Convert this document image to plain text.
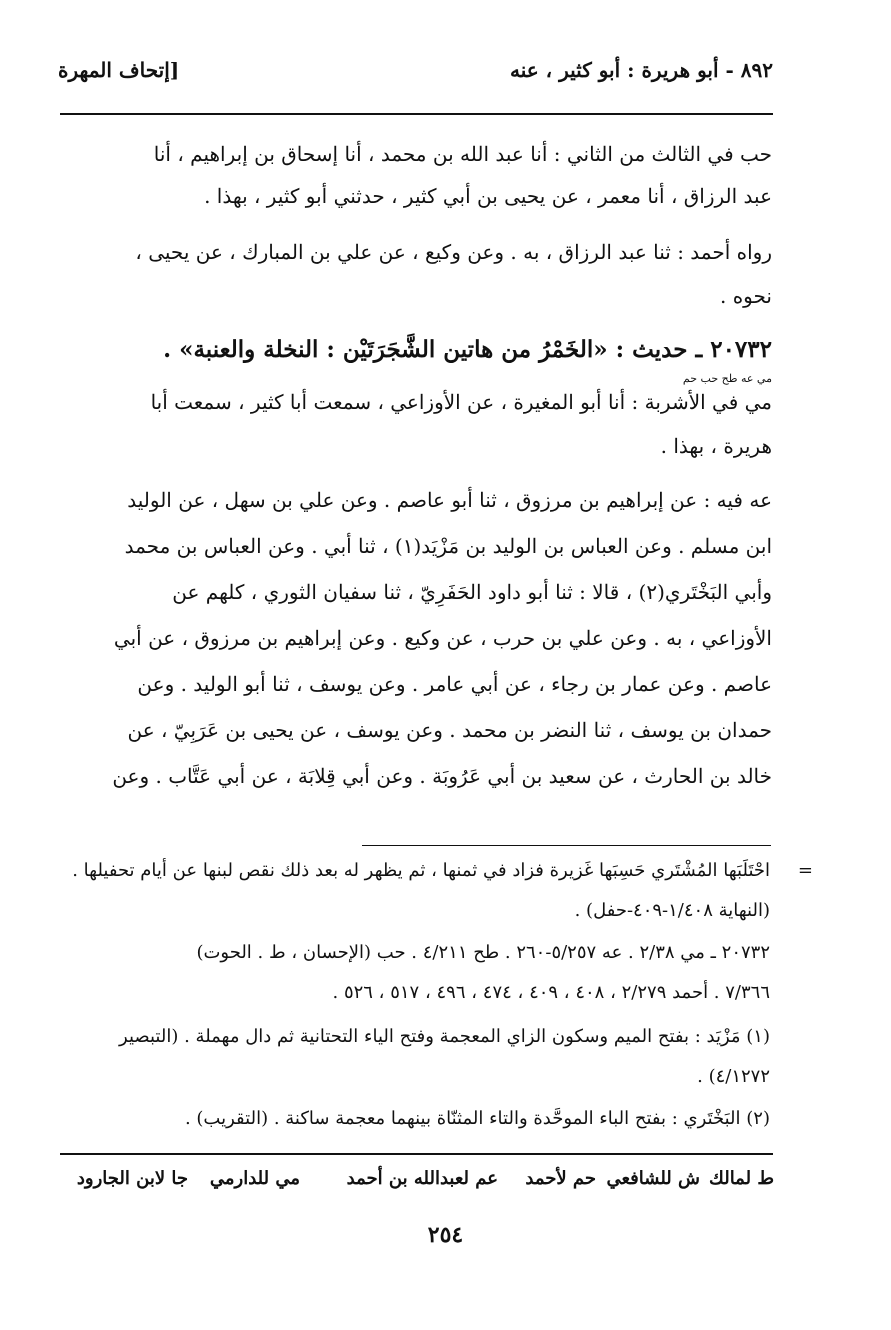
٨٩٢ - أبو هريرة : أبو كثير ، عنه
[إتحاف المهرة
حب في الثالث من الثاني : أنا عبد الله بن محمد ، أنا إسحاق بن إبراهيم ، أنا
عبد الرزاق ، أنا معمر ، عن يحيى بن أبي كثير ، حدثني أبو كثير ، بهذا .
رواه أحمد : ثنا عبد الرزاق ، به . وعن وكيع ، عن علي بن المبارك ، عن يحيى ،
نحوه .
٢٠٧٣٢ ـ حديث : «الخَمْرُ من هاتين الشَّجَرَتَيْن : النخلة والعنبة» .
مي عه طح حب حم
مي في الأشربة : أنا أبو المغيرة ، عن الأوزاعي ، سمعت أبا كثير ، سمعت أبا
هريرة ، بهذا .
عه فيه : عن إبراهيم بن مرزوق ، ثنا أبو عاصم . وعن علي بن سهل ، عن الوليد
ابن مسلم . وعن العباس بن الوليد بن مَزْيَد(١) ، ثنا أبي . وعن العباس بن محمد
وأبي البَخْتَري(٢) ، قالا : ثنا أبو داود الحَفَرِيّ ، ثنا سفيان الثوري ، كلهم عن
الأوزاعي ، به . وعن علي بن حرب ، عن وكيع . وعن إبراهيم بن مرزوق ، عن أبي
عاصم . وعن عمار بن رجاء ، عن أبي عامر . وعن يوسف ، ثنا أبو الوليد . وعن
حمدان بن يوسف ، ثنا النضر بن محمد . وعن يوسف ، عن يحيى بن عَرَبِيّ ، عن
خالد بن الحارث ، عن سعيد بن أبي عَرُوبَة . وعن أبي قِلابَة ، عن أبي عَتَّاب . وعن
=
احْتَلَبَها المُشْتَري حَسِبَها غَزيرة فزاد في ثمنها ، ثم يظهر له بعد ذلك نقص لبنها عن أيام تحفيلها .
(النهاية ١/٤٠٨-٤٠٩-حفل) .
٢٠٧٣٢ ـ مي ٢/٣٨ . عه ٥/٢٥٧-٢٦٠ . طح ٤/٢١١ . حب (الإحسان ، ط . الحوت)
٧/٣٦٦ . أحمد ٢/٢٧٩ ، ٤٠٨ ، ٤٠٩ ، ٤٧٤ ، ٤٩٦ ، ٥١٧ ، ٥٢٦ .
(١) مَزْيَد : بفتح الميم وسكون الزاي المعجمة وفتح الياء التحتانية ثم دال مهملة . (التبصير
٤/١٢٧٢) .
(٢) البَخْتَري : بفتح الباء الموحَّدة والتاء المثنّاة بينهما معجمة ساكنة . (التقريب) .
ط لمالك
ش للشافعي
حم لأحمد
عم لعبدالله بن أحمد
مي للدارمي
جا لابن الجارود
٢٥٤
